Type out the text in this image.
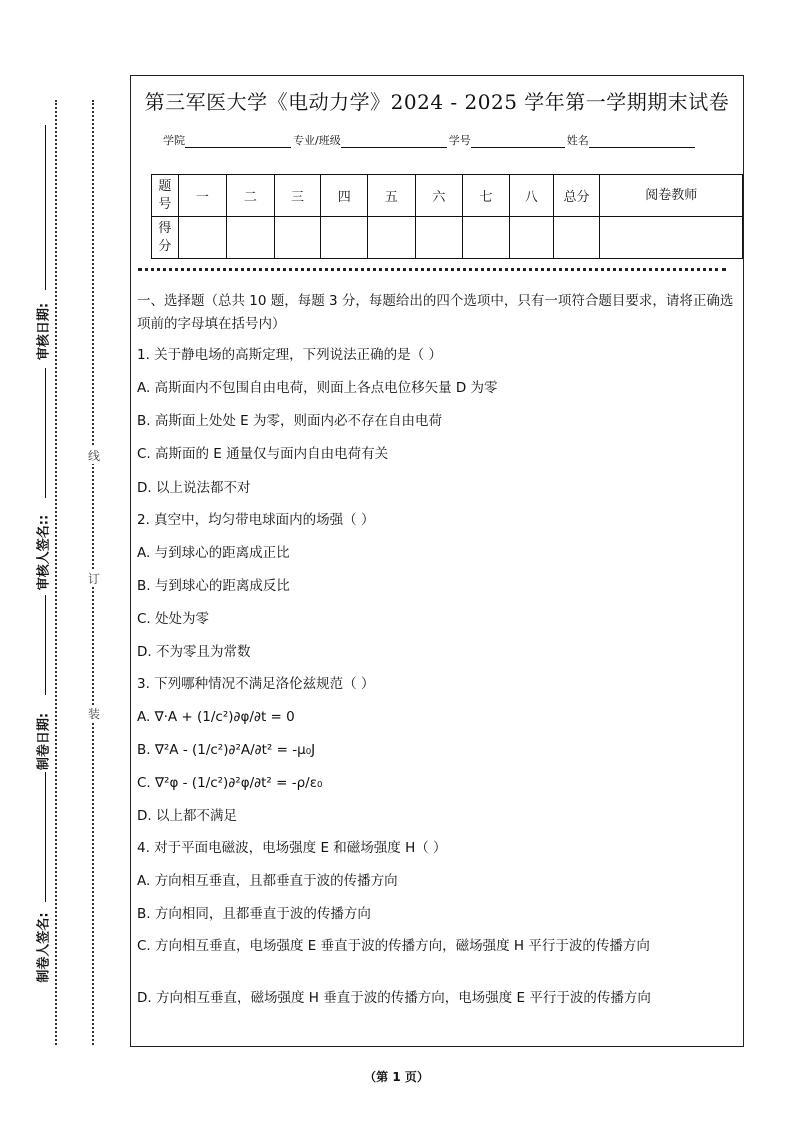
审核日期:
审核人签名::
制卷日期:
制卷人签名:
线
订
装
第三军医大学《电动力学》2024 - 2025 学年第一学期期末试卷
学院	专业/班级	学号	姓名
题号	一	二	三	四	五	六	七	八	总分	阅卷教师
得分										
一、选择题（总共 10 题，每题 3 分，每题给出的四个选项中，只有一项符合题目要求，请将正确选项前的字母填在括号内）
1. 关于静电场的高斯定理，下列说法正确的是（ ）
A. 高斯面内不包围自由电荷，则面上各点电位移矢量 D 为零
B. 高斯面上处处 E 为零，则面内必不存在自由电荷
C. 高斯面的 E 通量仅与面内自由电荷有关
D. 以上说法都不对
2. 真空中，均匀带电球面内的场强（ ）
A. 与到球心的距离成正比
B. 与到球心的距离成反比
C. 处处为零
D. 不为零且为常数
3. 下列哪种情况不满足洛伦兹规范（ ）
A. ∇·A + (1/c²)∂φ/∂t = 0
B. ∇²A - (1/c²)∂²A/∂t² = -μ₀J
C. ∇²φ - (1/c²)∂²φ/∂t² = -ρ/ε₀
D. 以上都不满足
4. 对于平面电磁波，电场强度 E 和磁场强度 H（ ）
A. 方向相互垂直，且都垂直于波的传播方向
B. 方向相同，且都垂直于波的传播方向
C. 方向相互垂直，电场强度 E 垂直于波的传播方向，磁场强度 H 平行于波的传播方向
D. 方向相互垂直，磁场强度 H 垂直于波的传播方向，电场强度 E 平行于波的传播方向
（第 1 页）
